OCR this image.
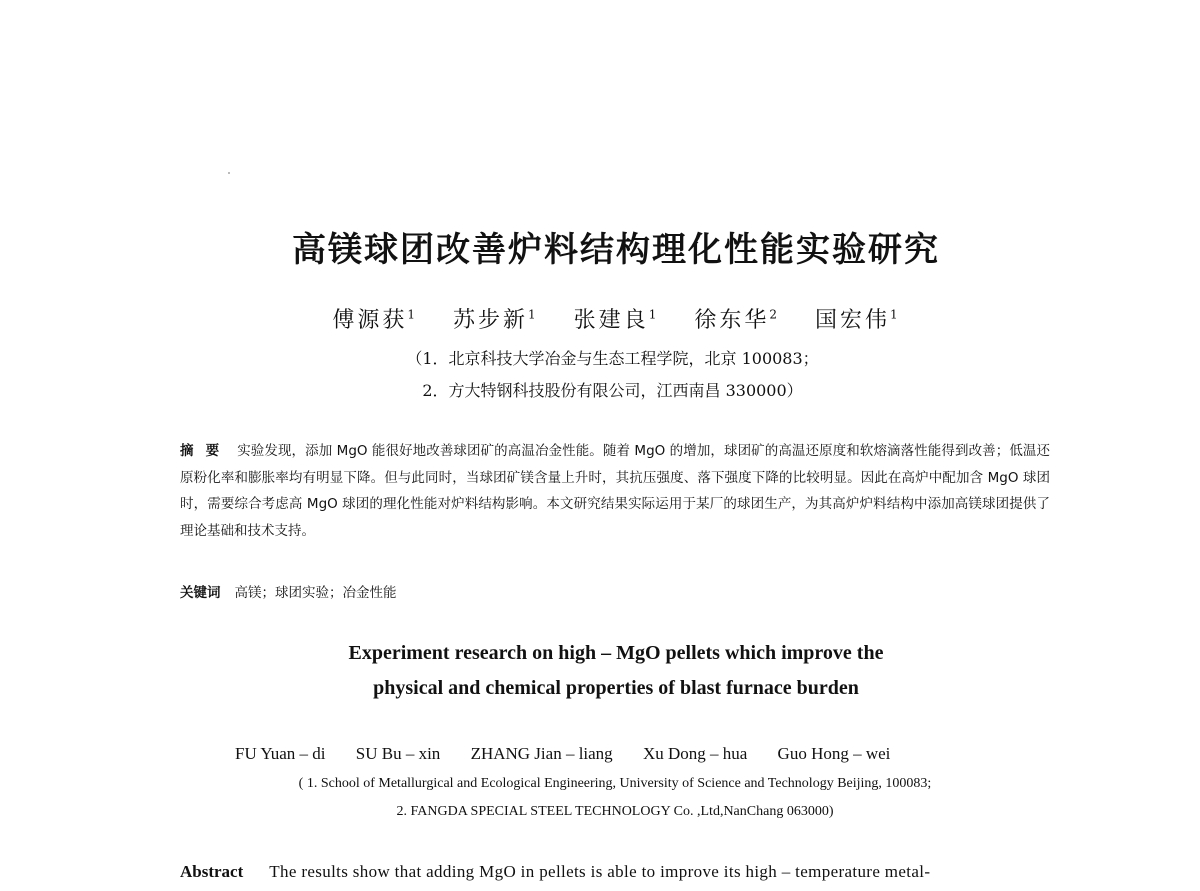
高镁球团改善炉料结构理化性能实验研究
傅源获$^1$ 苏步新$^1$ 张建良$^1$ 徐东华$^2$ 国宏伟$^1$
（1．北京科技大学冶金与生态工程学院，北京 100083；
2．方大特钢科技股份有限公司，江西南昌 330000）
摘要 实验发现，添加 MgO 能很好地改善球团矿的高温冶金性能。随着 MgO 的增加，球团矿的高温还原度和软熔滴落性能得到改善；低温还原粉化率和膨胀率均有明显下降。但与此同时，当球团矿镁含量上升时，其抗压强度、落下强度下降的比较明显。因此在高炉中配加含 MgO 球团时，需要综合考虑高 MgO 球团的理化性能对炉料结构影响。本文研究结果实际运用于某厂的球团生产，为其高炉炉料结构中添加高镁球团提供了理论基础和技术支持。
关键词 高镁；球团实验；冶金性能
Experiment research on high – MgO pellets which improve the
physical and chemical properties of blast furnace burden
FU Yuan – di SU Bu – xin ZHANG Jian – liang Xu Dong – hua Guo Hong – wei
( 1. School of Metallurgical and Ecological Engineering, University of Science and Technology Beijing, 100083;
2. FANGDA SPECIAL STEEL TECHNOLOGY Co. ,Ltd,NanChang 063000)
Abstract The results show that adding MgO in pellets is able to improve its high – temperature metal-
